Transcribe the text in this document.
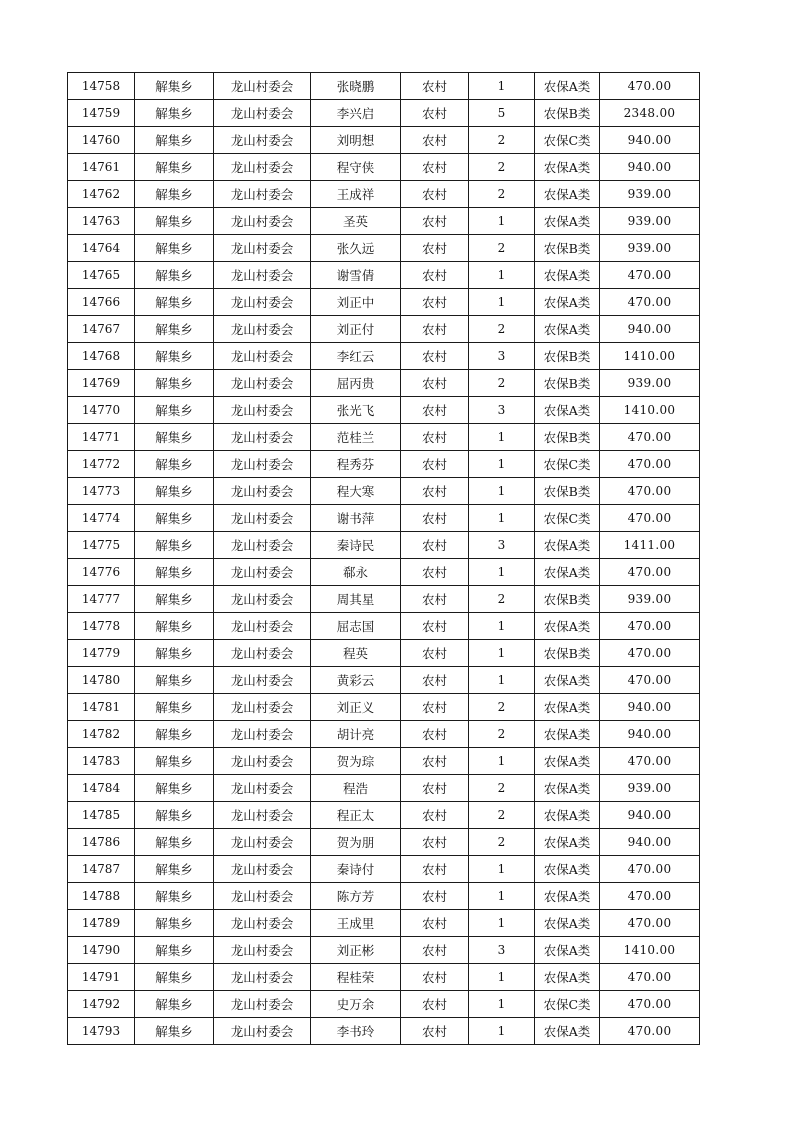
14758	解集乡	龙山村委会	张晓鹏	农村	1	农保A类	470.00
14759	解集乡	龙山村委会	李兴启	农村	5	农保B类	2348.00
14760	解集乡	龙山村委会	刘明想	农村	2	农保C类	940.00
14761	解集乡	龙山村委会	程守侠	农村	2	农保A类	940.00
14762	解集乡	龙山村委会	王成祥	农村	2	农保A类	939.00
14763	解集乡	龙山村委会	圣英	农村	1	农保A类	939.00
14764	解集乡	龙山村委会	张久远	农村	2	农保B类	939.00
14765	解集乡	龙山村委会	谢雪倩	农村	1	农保A类	470.00
14766	解集乡	龙山村委会	刘正中	农村	1	农保A类	470.00
14767	解集乡	龙山村委会	刘正付	农村	2	农保A类	940.00
14768	解集乡	龙山村委会	李红云	农村	3	农保B类	1410.00
14769	解集乡	龙山村委会	屈丙贵	农村	2	农保B类	939.00
14770	解集乡	龙山村委会	张光飞	农村	3	农保A类	1410.00
14771	解集乡	龙山村委会	范桂兰	农村	1	农保B类	470.00
14772	解集乡	龙山村委会	程秀芬	农村	1	农保C类	470.00
14773	解集乡	龙山村委会	程大寒	农村	1	农保B类	470.00
14774	解集乡	龙山村委会	谢书萍	农村	1	农保C类	470.00
14775	解集乡	龙山村委会	秦诗民	农村	3	农保A类	1411.00
14776	解集乡	龙山村委会	郗永	农村	1	农保A类	470.00
14777	解集乡	龙山村委会	周其星	农村	2	农保B类	939.00
14778	解集乡	龙山村委会	屈志国	农村	1	农保A类	470.00
14779	解集乡	龙山村委会	程英	农村	1	农保B类	470.00
14780	解集乡	龙山村委会	黄彩云	农村	1	农保A类	470.00
14781	解集乡	龙山村委会	刘正义	农村	2	农保A类	940.00
14782	解集乡	龙山村委会	胡计亮	农村	2	农保A类	940.00
14783	解集乡	龙山村委会	贺为琮	农村	1	农保A类	470.00
14784	解集乡	龙山村委会	程浩	农村	2	农保A类	939.00
14785	解集乡	龙山村委会	程正太	农村	2	农保A类	940.00
14786	解集乡	龙山村委会	贺为朋	农村	2	农保A类	940.00
14787	解集乡	龙山村委会	秦诗付	农村	1	农保A类	470.00
14788	解集乡	龙山村委会	陈方芳	农村	1	农保A类	470.00
14789	解集乡	龙山村委会	王成里	农村	1	农保A类	470.00
14790	解集乡	龙山村委会	刘正彬	农村	3	农保A类	1410.00
14791	解集乡	龙山村委会	程桂荣	农村	1	农保A类	470.00
14792	解集乡	龙山村委会	史万余	农村	1	农保C类	470.00
14793	解集乡	龙山村委会	李书玲	农村	1	农保A类	470.00
